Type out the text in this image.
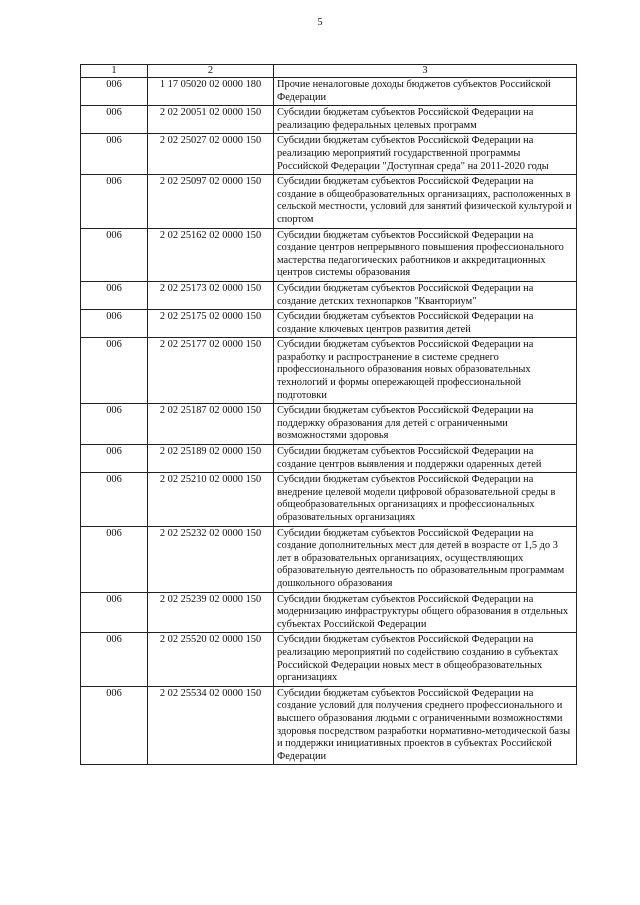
5
1	2	3
006	1 17 05020 02 0000 180	Прочие неналоговые доходы бюджетов субъектов Российской Федерации
006	2 02 20051 02 0000 150	Субсидии бюджетам субъектов Российской Федерации на реализацию федеральных целевых программ
006	2 02 25027 02 0000 150	Субсидии бюджетам субъектов Российской Федерации на реализацию мероприятий государственной программы Российской Федерации "Доступная среда" на 2011-2020 годы
006	2 02 25097 02 0000 150	Субсидии бюджетам субъектов Российской Федерации на создание в общеобразовательных организациях, расположенных в сельской местности, условий для занятий физической культурой и спортом
006	2 02 25162 02 0000 150	Субсидии бюджетам субъектов Российской Федерации на создание центров непрерывного повышения профессионального мастерства педагогических работников и аккредитационных центров системы образования
006	2 02 25173 02 0000 150	Субсидии бюджетам субъектов Российской Федерации на создание детских технопарков "Кванториум"
006	2 02 25175 02 0000 150	Субсидии бюджетам субъектов Российской Федерации на создание ключевых центров развития детей
006	2 02 25177 02 0000 150	Субсидии бюджетам субъектов Российской Федерации на разработку и распространение в системе среднего профессионального образования новых образовательных технологий и формы опережающей профессиональной подготовки
006	2 02 25187 02 0000 150	Субсидии бюджетам субъектов Российской Федерации на поддержку образования для детей с ограниченными возможностями здоровья
006	2 02 25189 02 0000 150	Субсидии бюджетам субъектов Российской Федерации на создание центров выявления и поддержки одаренных детей
006	2 02 25210 02 0000 150	Субсидии бюджетам субъектов Российской Федерации на внедрение целевой модели цифровой образовательной среды в общеобразовательных организациях и профессиональных образовательных организациях
006	2 02 25232 02 0000 150	Субсидии бюджетам субъектов Российской Федерации на создание дополнительных мест для детей в возрасте от 1,5 до 3 лет в образовательных организациях, осуществляющих образовательную деятельность по образовательным программам дошкольного образования
006	2 02 25239 02 0000 150	Субсидии бюджетам субъектов Российской Федерации на модернизацию инфраструктуры общего образования в отдельных субъектах Российской Федерации
006	2 02 25520 02 0000 150	Субсидии бюджетам субъектов Российской Федерации на реализацию мероприятий по содействию созданию в субъектах Российской Федерации новых мест в общеобразовательных организациях
006	2 02 25534 02 0000 150	Субсидии бюджетам субъектов Российской Федерации на создание условий для получения среднего профессионального и высшего образования людьми с ограниченными возможностями здоровья посредством разработки нормативно-методической базы и поддержки инициативных проектов в субъектах Российской Федерации
